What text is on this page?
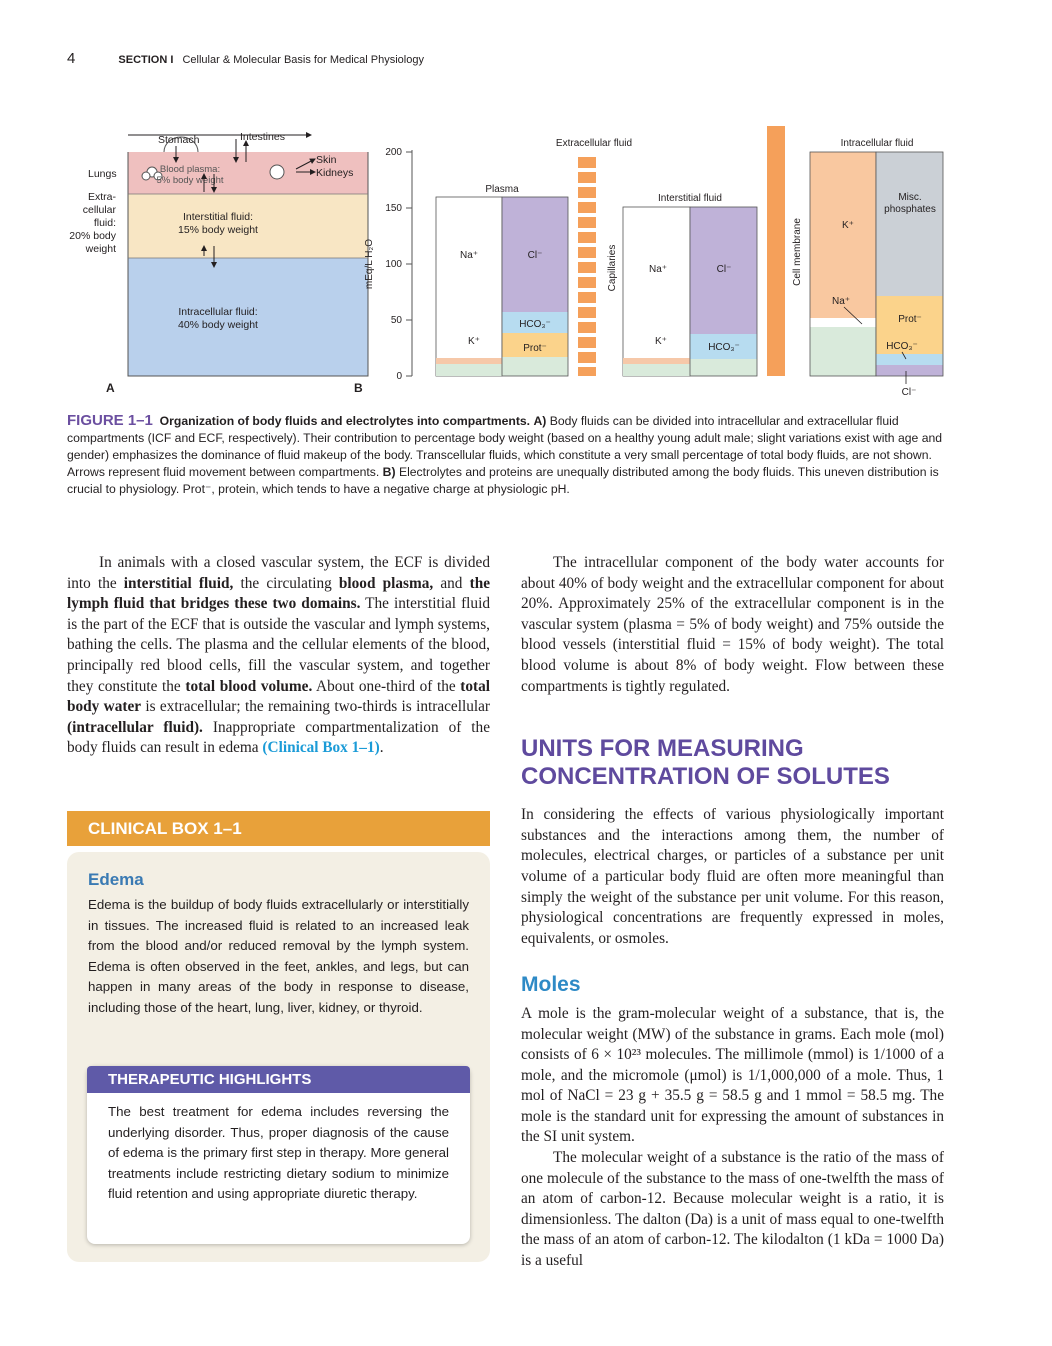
4	SECTION I Cellular & Molecular Basis for Medical Physiology
Stomach	Intestines
Lungs
Skin
Kidneys
Blood plasma:
5% body weight
Extra-
cellular
fluid:
20% body
weight
Interstitial fluid:
15% body weight
Intracellular fluid:
40% body weight
A
200
150
100
50
0
mEq/L H₂O
B
Plasma
Na⁺
K⁺
Cl⁻
HCO₃⁻
Prot⁻
Capillaries
Extracellular fluid
Interstitial fluid
Na⁺
K⁺
Cl⁻
HCO₃⁻
Cell membrane
Intracellular fluid
K⁺
Na⁺
Misc.
phosphates
Prot⁻
HCO₃⁻
Cl⁻
FIGURE 1–1 Organization of body fluids and electrolytes into compartments. A) Body fluids can be divided into intracellular and extracellular fluid compartments (ICF and ECF, respectively). Their contribution to percentage body weight (based on a healthy young adult male; slight variations exist with age and gender) emphasizes the dominance of fluid makeup of the body. Transcellular fluids, which constitute a very small percentage of total body fluids, are not shown. Arrows represent fluid movement between compartments. B) Electrolytes and proteins are unequally distributed among the body fluids. This uneven distribution is crucial to physiology. Prot⁻, protein, which tends to have a negative charge at physiologic pH.

In animals with a closed vascular system, the ECF is divided into the interstitial fluid, the circulating blood plasma, and the lymph fluid that bridges these two domains. The interstitial fluid is the part of the ECF that is outside the vascular and lymph systems, bathing the cells. The plasma and the cellular elements of the blood, principally red blood cells, fill the vascular system, and together they constitute the total blood volume. About one-third of the total body water is extracellular; the remaining two-thirds is intracellular (intracellular fluid). Inappropriate compartmentalization of the body fluids can result in edema (Clinical Box 1–1).

CLINICAL BOX 1–1
Edema
Edema is the buildup of body fluids extracellularly or interstitially in tissues. The increased fluid is related to an increased leak from the blood and/or reduced removal by the lymph system. Edema is often observed in the feet, ankles, and legs, but can happen in many areas of the body in response to disease, including those of the heart, lung, liver, kidney, or thyroid.
THERAPEUTIC HIGHLIGHTS
The best treatment for edema includes reversing the underlying disorder. Thus, proper diagnosis of the cause of edema is the primary first step in therapy. More general treatments include restricting dietary sodium to minimize fluid retention and using appropriate diuretic therapy.

The intracellular component of the body water accounts for about 40% of body weight and the extracellular component for about 20%. Approximately 25% of the extracellular component is in the vascular system (plasma = 5% of body weight) and 75% outside the blood vessels (interstitial fluid = 15% of body weight). The total blood volume is about 8% of body weight. Flow between these compartments is tightly regulated.

UNITS FOR MEASURING
CONCENTRATION OF SOLUTES

In considering the effects of various physiologically important substances and the interactions among them, the number of molecules, electrical charges, or particles of a substance per unit volume of a particular body fluid are often more meaningful than simply the weight of the substance per unit volume. For this reason, physiological concentrations are frequently expressed in moles, equivalents, or osmoles.

Moles

A mole is the gram-molecular weight of a substance, that is, the molecular weight (MW) of the substance in grams. Each mole (mol) consists of 6 × 10²³ molecules. The millimole (mmol) is 1/1000 of a mole, and the micromole (μmol) is 1/1,000,000 of a mole. Thus, 1 mol of NaCl = 23 g + 35.5 g = 58.5 g and 1 mmol = 58.5 mg. The mole is the standard unit for expressing the amount of substances in the SI unit system.

The molecular weight of a substance is the ratio of the mass of one molecule of the substance to the mass of one-twelfth the mass of an atom of carbon-12. Because molecular weight is a ratio, it is dimensionless. The dalton (Da) is a unit of mass equal to one-twelfth the mass of an atom of carbon-12. The kilodalton (1 kDa = 1000 Da) is a useful
